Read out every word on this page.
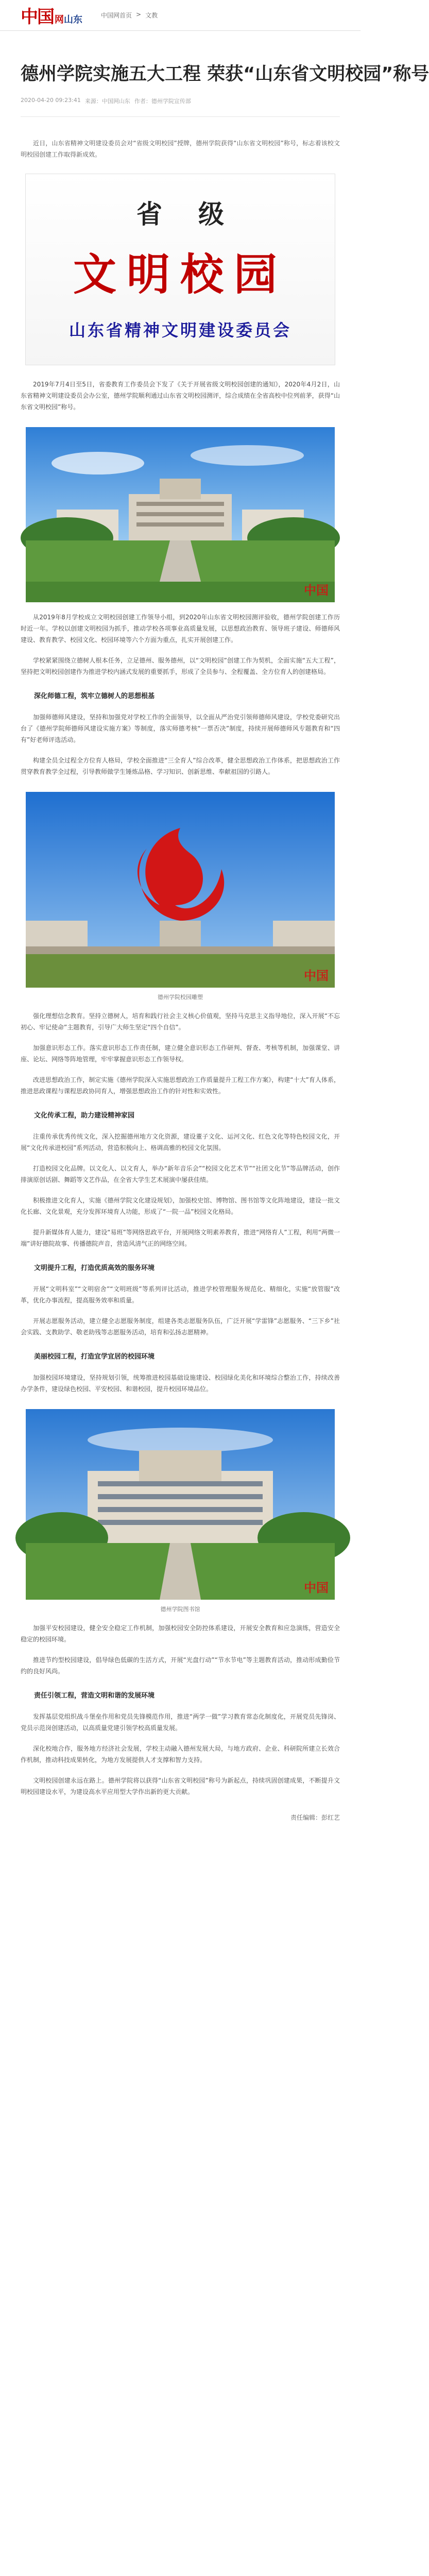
中国 网山东	中国网首页 > 文教
德州学院实施五大工程 荣获“山东省文明校园”称号
2020-04-20 09:23:41 来源：中国网山东 作者：德州学院宣传部

近日，山东省精神文明建设委员会对“省级文明校园”授牌，德州学院获得“山东省文明校园”称号，标志着该校文明校园创建工作取得新成效。

省级
文明校园
山东省精神文明建设委员会

2019年7月4日至5日，省委教育工作委员会下发了《关于开展省级文明校园创建的通知》，2020年4月2日，山东省精神文明建设委员会办公室，德州学院顺利通过山东省文明校园测评，综合成绩在全省高校中位列前茅，获得“山东省文明校园”称号。

中国

从2019年8月学校成立文明校园创建工作领导小组，到2020年山东省文明校园测评验收，德州学院创建工作历时近一年。学校以创建文明校园为抓手，推动学校各项事业高质量发展，以思想政治教育、领导班子建设、师德师风建设、教育教学、校园文化、校园环境等六个方面为重点，扎实开展创建工作。

学校紧紧围绕立德树人根本任务，立足德州、服务德州，以“文明校园”创建工作为契机，全面实施“五大工程”，坚持把文明校园创建作为推进学校内涵式发展的重要抓手，形成了全员参与、全程覆盖、全方位育人的创建格局。

深化师德工程，筑牢立德树人的思想根基

加强师德师风建设，坚持和加强党对学校工作的全面领导，以全面从严治党引领师德师风建设，学校党委研究出台了《德州学院师德师风建设实施方案》等制度，落实师德考核“一票否决”制度，持续开展师德师风专题教育和“四有”好老师评选活动。

构建全员全过程全方位育人格局，学校全面推进“三全育人”综合改革，健全思想政治工作体系，把思想政治工作贯穿教育教学全过程，引导教师做学生锤炼品格、学习知识、创新思维、奉献祖国的引路人。

中国
德州学院校园雕塑

强化理想信念教育。坚持立德树人，培育和践行社会主义核心价值观，坚持马克思主义指导地位，深入开展“不忘初心、牢记使命”主题教育，引导广大师生坚定“四个自信”。

加强意识形态工作。落实意识形态工作责任制，建立健全意识形态工作研判、督查、考核等机制，加强课堂、讲座、论坛、网络等阵地管理，牢牢掌握意识形态工作领导权。

改进思想政治工作，制定实施《德州学院深入实施思想政治工作质量提升工程工作方案》，构建“十大”育人体系，推进思政课程与课程思政协同育人，增强思想政治工作的针对性和实效性。

文化传承工程，助力建设精神家园

注重传承优秀传统文化，深入挖掘德州地方文化资源，建设董子文化、运河文化、红色文化等特色校园文化，开展“文化传承进校园”系列活动，营造积极向上、格调高雅的校园文化氛围。

打造校园文化品牌。以文化人、以文育人，举办“新年音乐会”“校园文化艺术节”“社团文化节”等品牌活动，创作排演原创话剧、舞蹈等文艺作品，在全省大学生艺术展演中屡获佳绩。

积极推进文化育人，实施《德州学院文化建设规划》，加强校史馆、博物馆、图书馆等文化阵地建设，建设一批文化长廊、文化景观，充分发挥环境育人功能，形成了“一院一品”校园文化格局。

提升新媒体育人能力，建设“易班”等网络思政平台，开展网络文明素养教育，推进“网络育人”工程，利用“两微一端”讲好德院故事、传播德院声音，营造风清气正的网络空间。

文明提升工程，打造优质高效的服务环境

开展“文明科室”“文明宿舍”“文明班级”等系列评比活动，推进学校管理服务规范化、精细化，实施“放管服”改革，优化办事流程，提高服务效率和质量。

开展志愿服务活动，建立健全志愿服务制度，组建各类志愿服务队伍，广泛开展“学雷锋”志愿服务、“三下乡”社会实践、支教助学、敬老助残等志愿服务活动，培育和弘扬志愿精神。

美丽校园工程，打造宜学宜居的校园环境

加强校园环境建设，坚持规划引领，统筹推进校园基础设施建设、校园绿化美化和环境综合整治工作，持续改善办学条件，建设绿色校园、平安校园、和谐校园，提升校园环境品位。

中国
德州学院图书馆

加强平安校园建设，健全安全稳定工作机制，加强校园安全防控体系建设，开展安全教育和应急演练，营造安全稳定的校园环境。

推进节约型校园建设，倡导绿色低碳的生活方式，开展“光盘行动”“节水节电”等主题教育活动，推动形成勤俭节约的良好风尚。

责任引领工程，营造文明和谐的发展环境

发挥基层党组织战斗堡垒作用和党员先锋模范作用，推进“两学一做”学习教育常态化制度化，开展党员先锋岗、党员示范岗创建活动，以高质量党建引领学校高质量发展。

深化校地合作，服务地方经济社会发展，学校主动融入德州发展大局，与地方政府、企业、科研院所建立长效合作机制，推动科技成果转化，为地方发展提供人才支撑和智力支持。

文明校园创建永远在路上。德州学院将以获得“山东省文明校园”称号为新起点，持续巩固创建成果，不断提升文明校园建设水平，为建设高水平应用型大学作出新的更大贡献。

责任编辑：彭红艺
